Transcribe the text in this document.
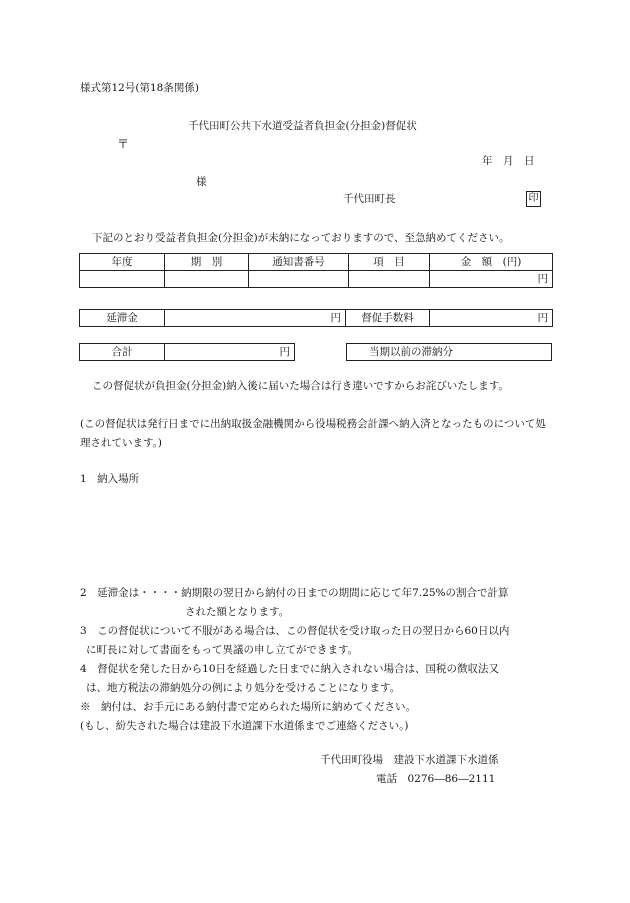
様式第12号(第18条関係)
千代田町公共下水道受益者負担金(分担金)督促状
〒
年　月　日
様
千代田町長	印
下記のとおり受益者負担金(分担金)が未納になっておりますので、至急納めてください。
年度	期　別	通知書番号	項　目	金　額　(円)
				円
延滞金	円	督促手数料	円
合計	円	当期以前の滞納分

この督促状が負担金(分担金)納入後に届いた場合は行き違いですからお詫びいたします。

(この督促状は発行日までに出納取扱金融機関から役場税務会計課へ納入済となったものについて処理されています。)

1　納入場所
2　延滞金は・・・・納期限の翌日から納付の日までの期間に応じて年7.25%の割合で計算
された額となります。
3　この督促状について不服がある場合は、この督促状を受け取った日の翌日から60日以内
に町長に対して書面をもって異議の申し立てができます。
4　督促状を発した日から10日を経過した日までに納入されない場合は、国税の徴収法又
は、地方税法の滞納処分の例により処分を受けることになります。
※　納付は、お手元にある納付書で定められた場所に納めてください。
(もし、紛失された場合は建設下水道課下水道係までご連絡ください。)
千代田町役場　建設下水道課下水道係
電話　0276―86―2111
